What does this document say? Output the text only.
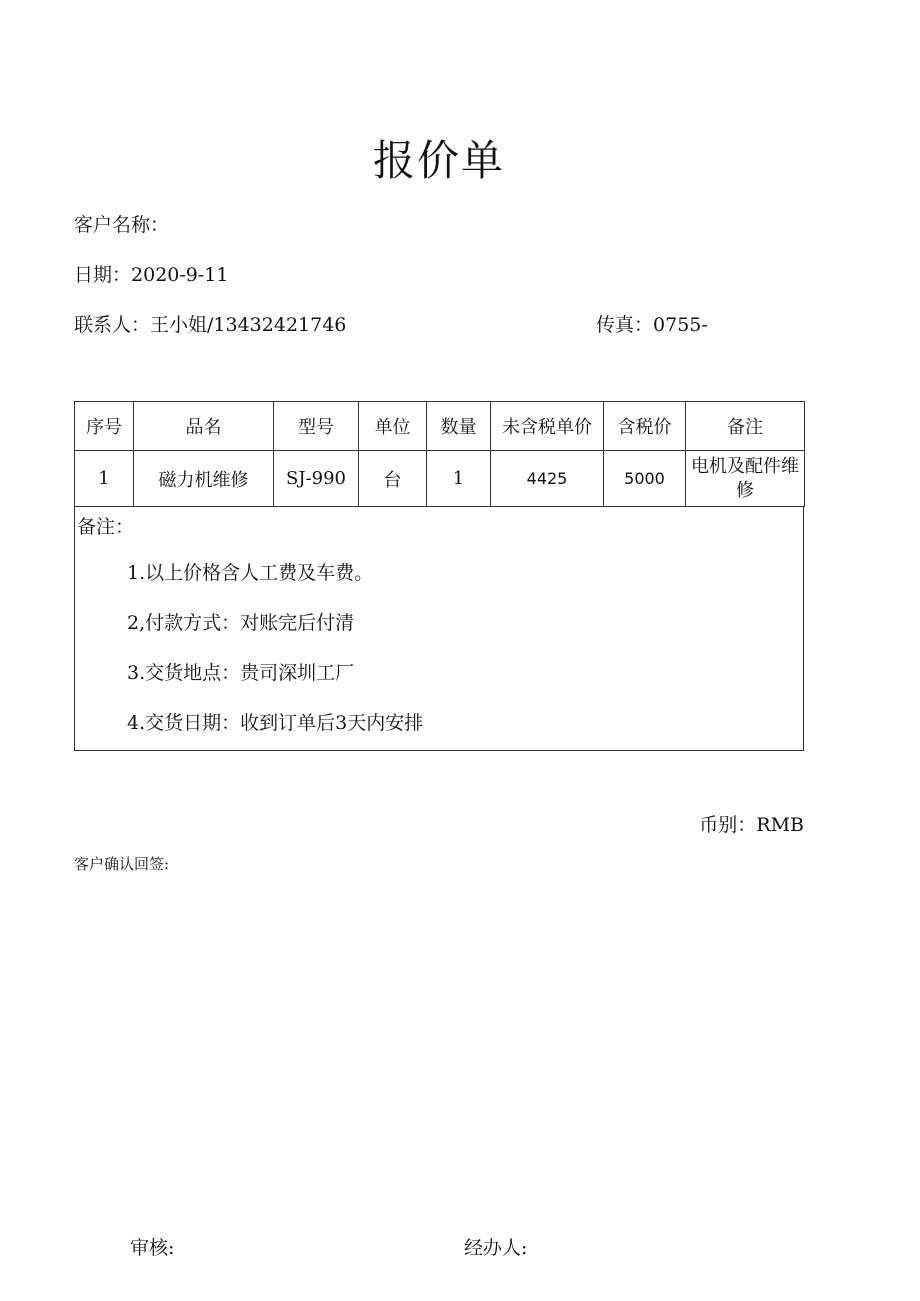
报价单
客户名称：
日期：2020-9-11
联系人：王小姐/13432421746	传真：0755-
序号	品名	型号	单位	数量	未含税单价	含税价	备注
1	磁力机维修	SJ-990	台	1	4425	5000	电机及配件维修
备注：
1.以上价格含人工费及车费。
2,付款方式：对账完后付清
3.交货地点：贵司深圳工厂
4.交货日期：收到订单后3天内安排
币别：RMB
客户确认回签:
审核:	经办人:
